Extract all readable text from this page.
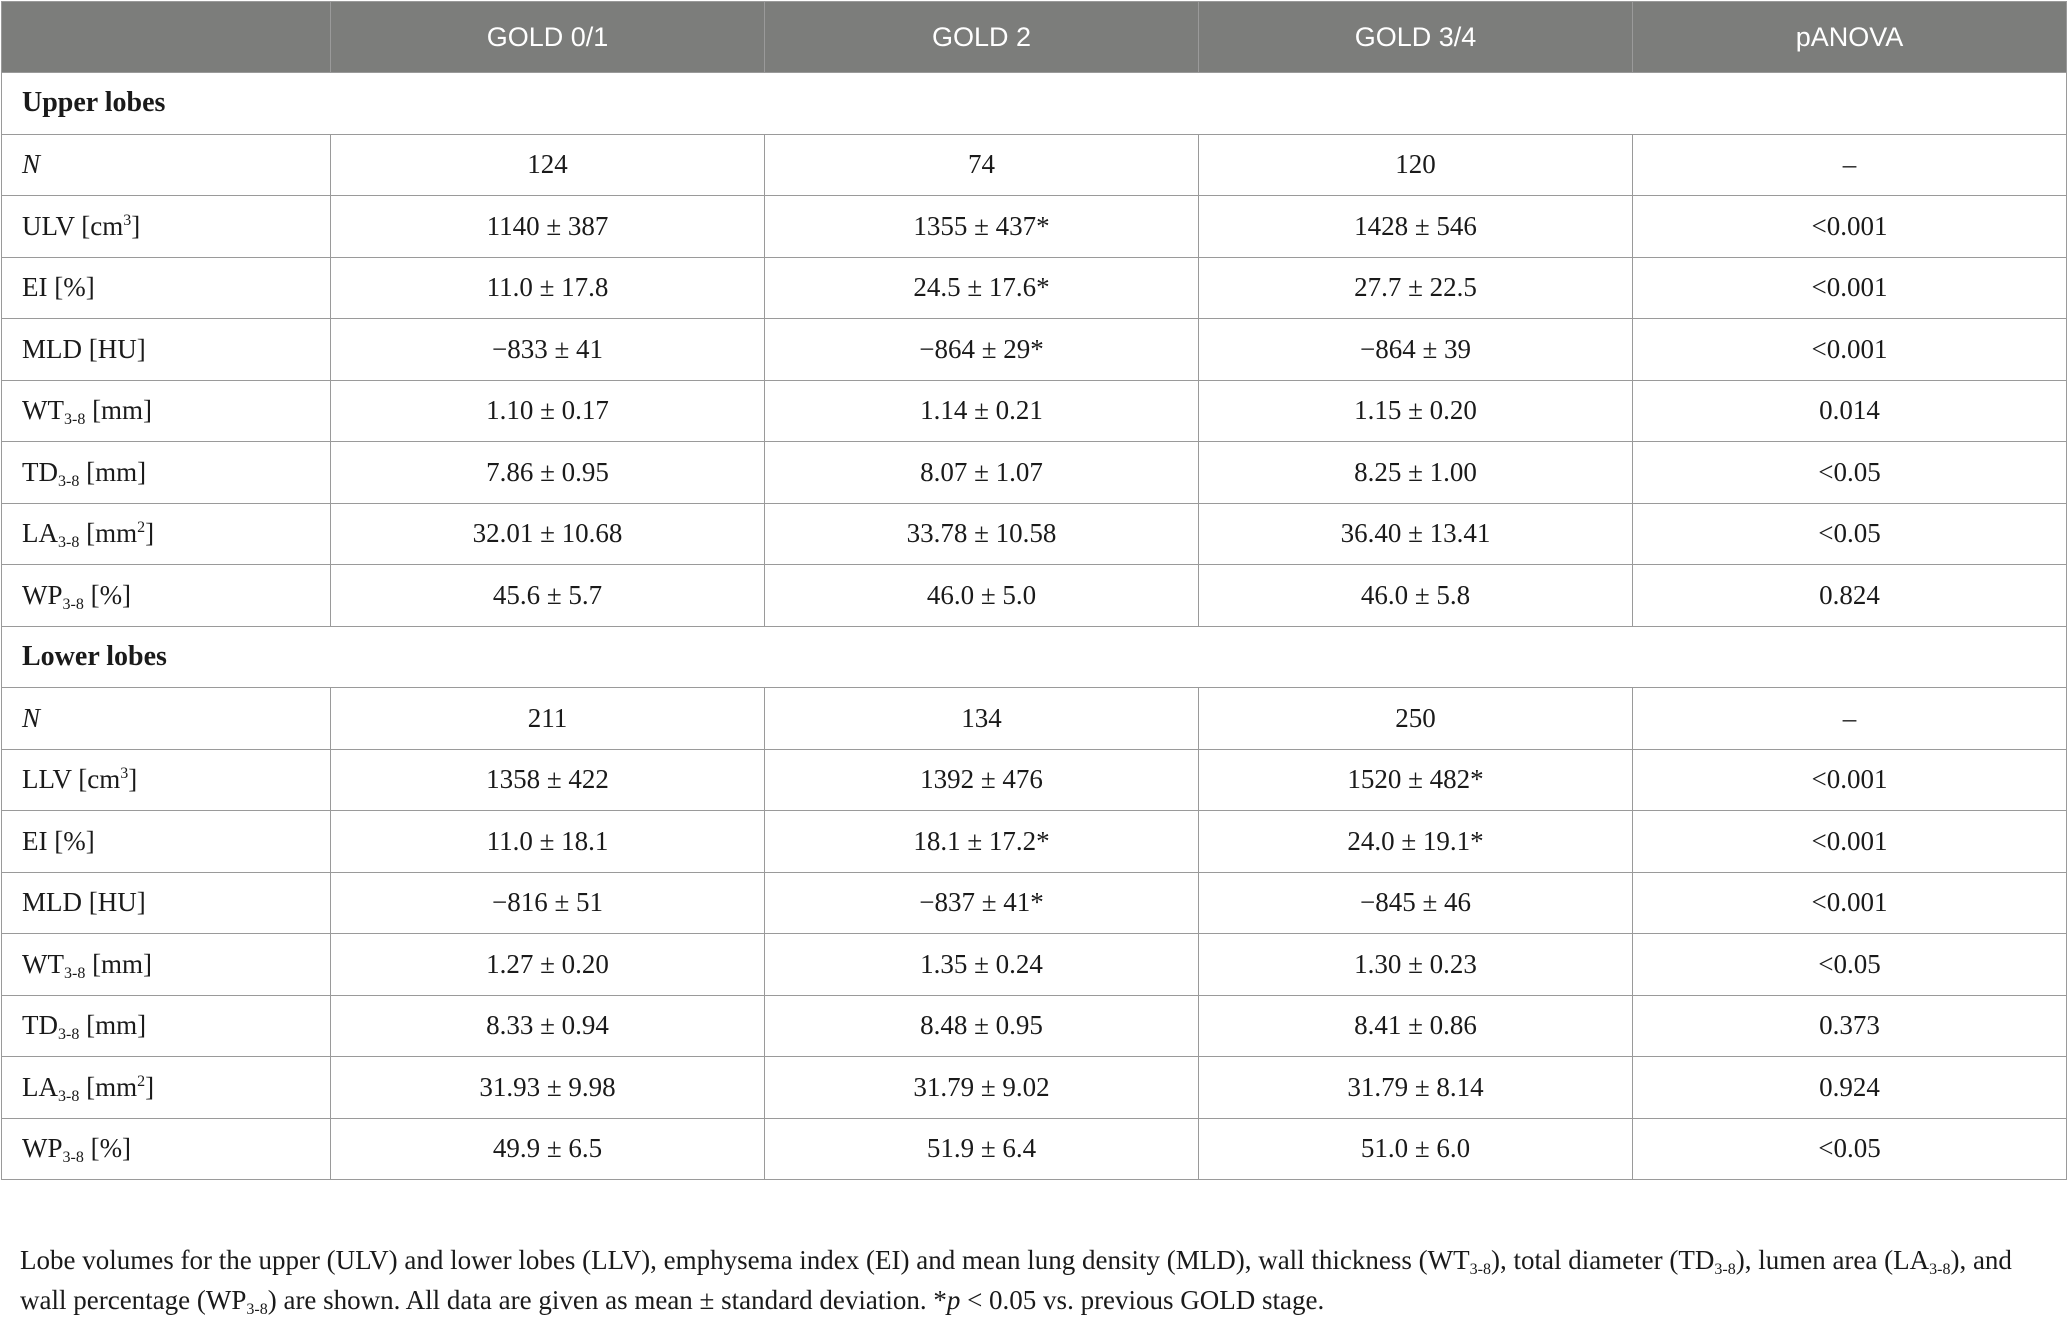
	GOLD 0/1	GOLD 2	GOLD 3/4	pANOVA
Upper lobes				
N	124	74	120	–
ULV $[cm^3]$	1140 ± 387	1355 ± 437*	1428 ± 546	<0.001
EI [%]	11.0 ± 17.8	24.5 ± 17.6*	27.7 ± 22.5	<0.001
MLD [HU]	−833 ± 41	−864 ± 29*	−864 ± 39	<0.001
$WT_{3-8}$ [mm]	1.10 ± 0.17	1.14 ± 0.21	1.15 ± 0.20	0.014
$TD_{3-8}$ [mm]	7.86 ± 0.95	8.07 ± 1.07	8.25 ± 1.00	<0.05
$LA_{3-8}$ $[mm^2]$	32.01 ± 10.68	33.78 ± 10.58	36.40 ± 13.41	<0.05
$WP_{3-8}$ [%]	45.6 ± 5.7	46.0 ± 5.0	46.0 ± 5.8	0.824
Lower lobes				
N	211	134	250	–
LLV $[cm^3]$	1358 ± 422	1392 ± 476	1520 ± 482*	<0.001
EI [%]	11.0 ± 18.1	18.1 ± 17.2*	24.0 ± 19.1*	<0.001
MLD [HU]	−816 ± 51	−837 ± 41*	−845 ± 46	<0.001
$WT_{3-8}$ [mm]	1.27 ± 0.20	1.35 ± 0.24	1.30 ± 0.23	<0.05
$TD_{3-8}$ [mm]	8.33 ± 0.94	8.48 ± 0.95	8.41 ± 0.86	0.373
$LA_{3-8}$ $[mm^2]$	31.93 ± 9.98	31.79 ± 9.02	31.79 ± 8.14	0.924
$WP_{3-8}$ [%]	49.9 ± 6.5	51.9 ± 6.4	51.0 ± 6.0	<0.05
Lobe volumes for the upper (ULV) and lower lobes (LLV), emphysema index (EI) and mean lung density (MLD), wall thickness $(WT_{3-8})$, total diameter $(TD_{3-8})$, lumen area $(LA_{3-8})$, and wall percentage $(WP_{3-8})$ are shown. All data are given as mean ± standard deviation. *p < 0.05 vs. previous GOLD stage.
